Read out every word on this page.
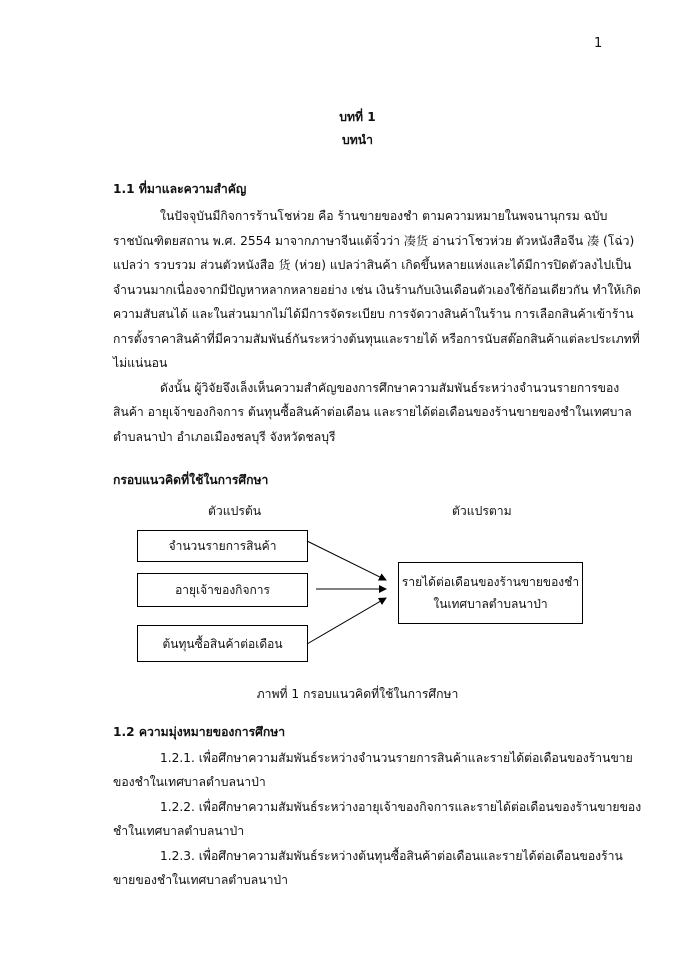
1
บทที่ 1
บทนำ
1.1 ที่มาและความสำคัญ
ในปัจจุบันมีกิจการร้านโชห่วย คือ ร้านขายของชำ ตามความหมายในพจนานุกรม ฉบับ
ราชบัณฑิตยสถาน พ.ศ. 2554 มาจากภาษาจีนแต้จิ๋วว่า 凑货 อ่านว่าโชวห่วย ตัวหนังสือจีน 凑 (โฉ่ว)
แปลว่า รวบรวม ส่วนตัวหนังสือ 货 (ห่วย) แปลว่าสินค้า เกิดขึ้นหลายแห่งและได้มีการปิดตัวลงไปเป็น
จำนวนมากเนื่องจากมีปัญหาหลากหลายอย่าง เช่น เงินร้านกับเงินเดือนตัวเองใช้ก้อนเดียวกัน ทำให้เกิด
ความสับสนได้ และในส่วนมากไม่ได้มีการจัดระเบียบ การจัดวางสินค้าในร้าน การเลือกสินค้าเข้าร้าน
การตั้งราคาสินค้าที่มีความสัมพันธ์กันระหว่างต้นทุนและรายได้ หรือการนับสต๊อกสินค้าแต่ละประเภทที่
ไม่แน่นอน
ดังนั้น ผู้วิจัยจึงเล็งเห็นความสำคัญของการศึกษาความสัมพันธ์ระหว่างจำนวนรายการของ
สินค้า อายุเจ้าของกิจการ ต้นทุนซื้อสินค้าต่อเดือน และรายได้ต่อเดือนของร้านขายของชำในเทศบาล
ตำบลนาป่า อำเภอเมืองชลบุรี จังหวัดชลบุรี
กรอบแนวคิดที่ใช้ในการศึกษา
ตัวแปรต้น	ตัวแปรตาม
จำนวนรายการสินค้า
อายุเจ้าของกิจการ
ต้นทุนซื้อสินค้าต่อเดือน
รายได้ต่อเดือนของร้านขายของชำ
ในเทศบาลตำบลนาป่า
ภาพที่ 1 กรอบแนวคิดที่ใช้ในการศึกษา
1.2 ความมุ่งหมายของการศึกษา
1.2.1. เพื่อศึกษาความสัมพันธ์ระหว่างจำนวนรายการสินค้าและรายได้ต่อเดือนของร้านขาย
ของชำในเทศบาลตำบลนาป่า
1.2.2. เพื่อศึกษาความสัมพันธ์ระหว่างอายุเจ้าของกิจการและรายได้ต่อเดือนของร้านขายของ
ชำในเทศบาลตำบลนาป่า
1.2.3. เพื่อศึกษาความสัมพันธ์ระหว่างต้นทุนซื้อสินค้าต่อเดือนและรายได้ต่อเดือนของร้าน
ขายของชำในเทศบาลตำบลนาป่า
